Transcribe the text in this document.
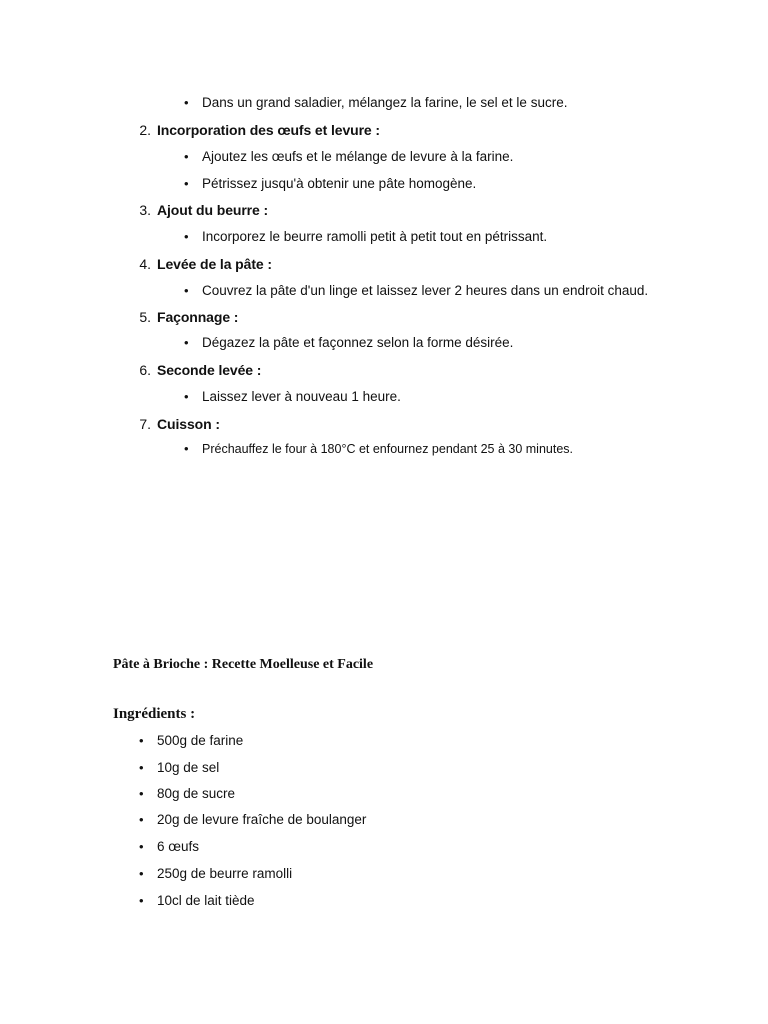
• Dans un grand saladier, mélangez la farine, le sel et le sucre.
2. Incorporation des œufs et levure :
• Ajoutez les œufs et le mélange de levure à la farine.
• Pétrissez jusqu'à obtenir une pâte homogène.
3. Ajout du beurre :
• Incorporez le beurre ramolli petit à petit tout en pétrissant.
4. Levée de la pâte :
• Couvrez la pâte d'un linge et laissez lever 2 heures dans un endroit chaud.
5. Façonnage :
• Dégazez la pâte et façonnez selon la forme désirée.
6. Seconde levée :
• Laissez lever à nouveau 1 heure.
7. Cuisson :
• Préchauffez le four à 180°C et enfournez pendant 25 à 30 minutes.
Pâte à Brioche : Recette Moelleuse et Facile
Ingrédients :
• 500g de farine
• 10g de sel
• 80g de sucre
• 20g de levure fraîche de boulanger
• 6 œufs
• 250g de beurre ramolli
• 10cl de lait tiède
